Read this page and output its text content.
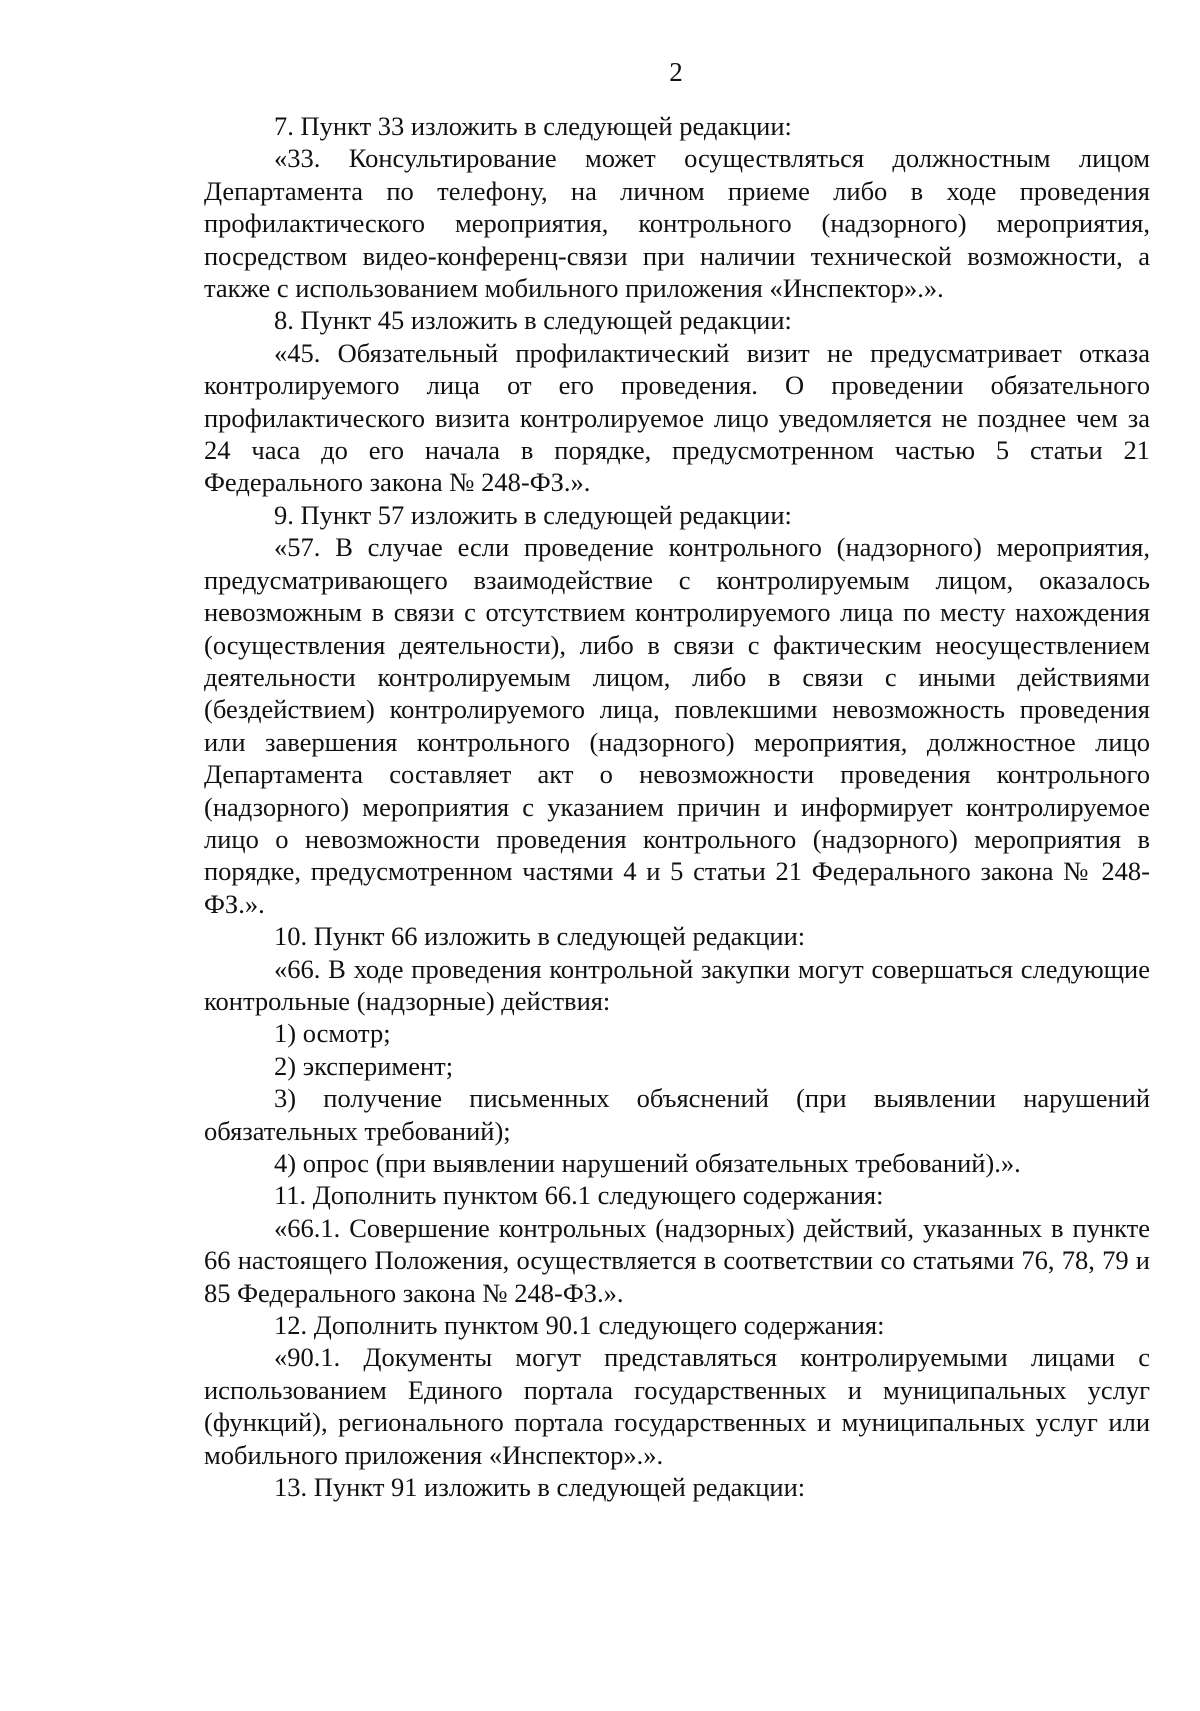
2

7. Пункт 33 изложить в следующей редакции:

«33. Консультирование может осуществляться должностным лицом Департамента по телефону, на личном приеме либо в ходе проведения профилактического мероприятия, контрольного (надзорного) мероприятия, посредством видео-конференц-связи при наличии технической возможности, а также с использованием мобильного приложения «Инспектор».».

8. Пункт 45 изложить в следующей редакции:

«45. Обязательный профилактический визит не предусматривает отказа контролируемого лица от его проведения. О проведении обязательного профилактического визита контролируемое лицо уведомляется не позднее чем за 24 часа до его начала в порядке, предусмотренном частью 5 статьи 21 Федерального закона № 248-ФЗ.».

9. Пункт 57 изложить в следующей редакции:

«57. В случае если проведение контрольного (надзорного) мероприятия, предусматривающего взаимодействие с контролируемым лицом, оказалось невозможным в связи с отсутствием контролируемого лица по месту нахождения (осуществления деятельности), либо в связи с фактическим неосуществлением деятельности контролируемым лицом, либо в связи с иными действиями (бездействием) контролируемого лица, повлекшими невозможность проведения или завершения контрольного (надзорного) мероприятия, должностное лицо Департамента составляет акт о невозможности проведения контрольного (надзорного) мероприятия с указанием причин и информирует контролируемое лицо о невозможности проведения контрольного (надзорного) мероприятия в порядке, предусмотренном частями 4 и 5 статьи 21 Федерального закона № 248-ФЗ.».

10. Пункт 66 изложить в следующей редакции:

«66. В ходе проведения контрольной закупки могут совершаться следующие контрольные (надзорные) действия:

1) осмотр;

2) эксперимент;

3) получение письменных объяснений (при выявлении нарушений обязательных требований);

4) опрос (при выявлении нарушений обязательных требований).».

11. Дополнить пунктом 66.1 следующего содержания:

«66.1. Совершение контрольных (надзорных) действий, указанных в пункте 66 настоящего Положения, осуществляется в соответствии со статьями 76, 78, 79 и 85 Федерального закона № 248-ФЗ.».

12. Дополнить пунктом 90.1 следующего содержания:

«90.1. Документы могут представляться контролируемыми лицами с использованием Единого портала государственных и муниципальных услуг (функций), регионального портала государственных и муниципальных услуг или мобильного приложения «Инспектор».».

13. Пункт 91 изложить в следующей редакции:
